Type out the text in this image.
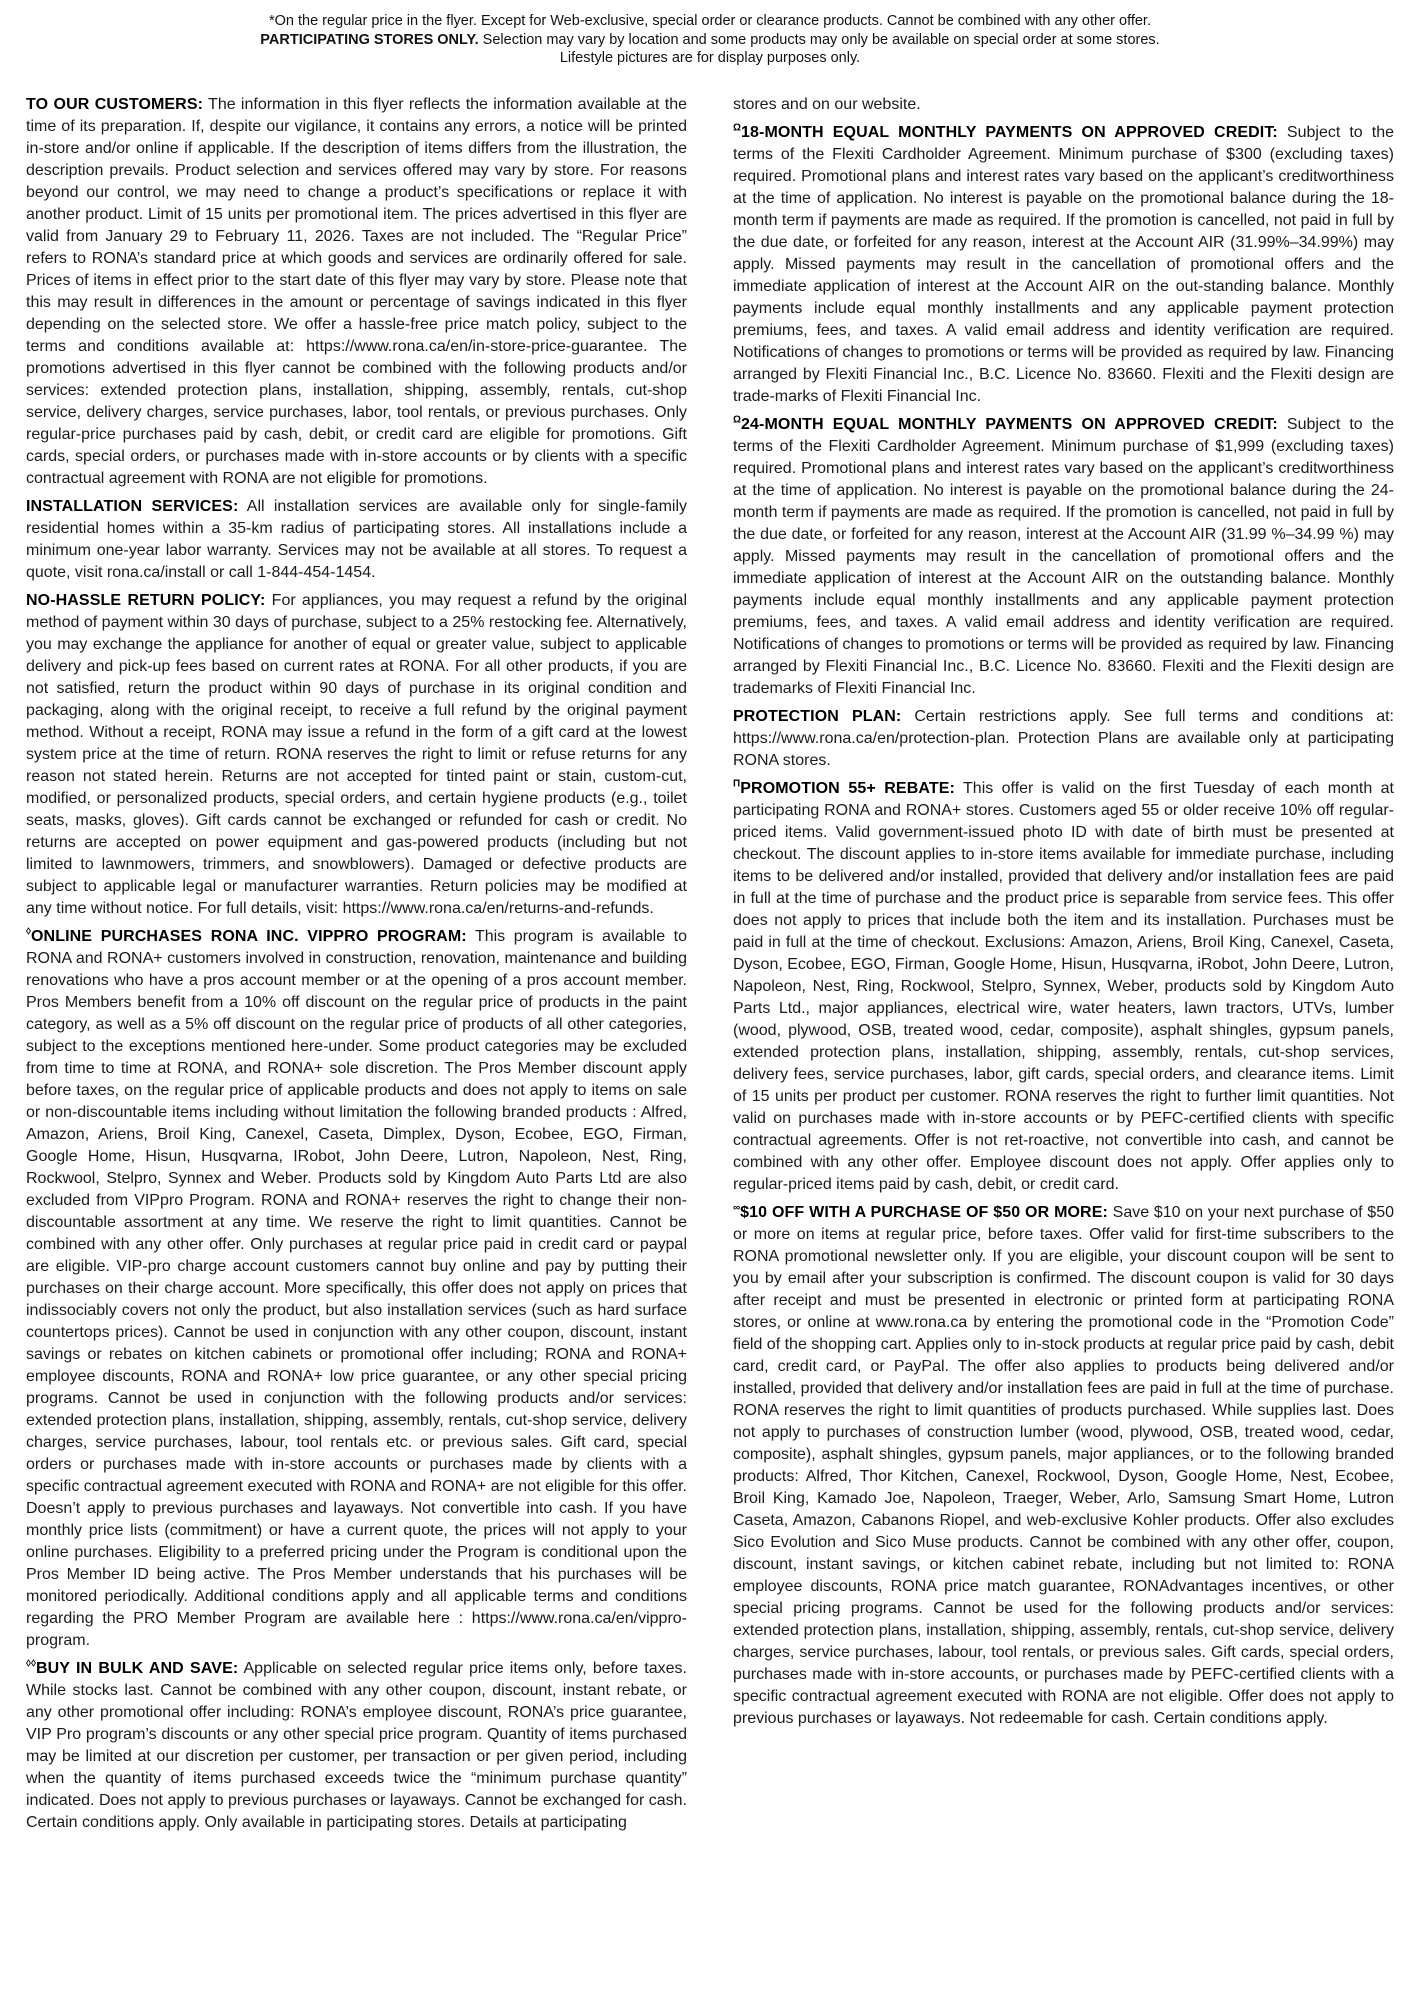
*On the regular price in the flyer. Except for Web-exclusive, special order or clearance products. Cannot be combined with any other offer.
PARTICIPATING STORES ONLY. Selection may vary by location and some products may only be available on special order at some stores.
Lifestyle pictures are for display purposes only.

TO OUR CUSTOMERS: The information in this flyer reflects the information available at the time of its preparation. If, despite our vigilance, it contains any errors, a notice will be printed in-store and/or online if applicable. If the description of items differs from the illustration, the description prevails. Product selection and services offered may vary by store. For reasons beyond our control, we may need to change a product’s specifications or replace it with another product. Limit of 15 units per promotional item. The prices advertised in this flyer are valid from January 29 to February 11, 2026. Taxes are not included. The “Regular Price” refers to RONA’s standard price at which goods and services are ordinarily offered for sale. Prices of items in effect prior to the start date of this flyer may vary by store. Please note that this may result in differences in the amount or percentage of savings indicated in this flyer depending on the selected store. We offer a hassle-free price match policy, subject to the terms and conditions available at: https://www.rona.ca/en/in-store-price-guarantee. The promotions advertised in this flyer cannot be combined with the following products and/or services: extended protection plans, installation, shipping, assembly, rentals, cut-shop service, delivery charges, service purchases, labor, tool rentals, or previous purchases. Only regular-price purchases paid by cash, debit, or credit card are eligible for promotions. Gift cards, special orders, or purchases made with in-store accounts or by clients with a specific contractual agreement with RONA are not eligible for promotions.

INSTALLATION SERVICES: All installation services are available only for single-family residential homes within a 35-km radius of participating stores. All installations include a minimum one-year labor warranty. Services may not be available at all stores. To request a quote, visit rona.ca/install or call 1-844-454-1454.

NO-HASSLE RETURN POLICY: For appliances, you may request a refund by the original method of payment within 30 days of purchase, subject to a 25% restocking fee. Alternatively, you may exchange the appliance for another of equal or greater value, subject to applicable delivery and pick-up fees based on current rates at RONA. For all other products, if you are not satisfied, return the product within 90 days of purchase in its original condition and packaging, along with the original receipt, to receive a full refund by the original payment method. Without a receipt, RONA may issue a refund in the form of a gift card at the lowest system price at the time of return. RONA reserves the right to limit or refuse returns for any reason not stated herein. Returns are not accepted for tinted paint or stain, custom-cut, modified, or personalized products, special orders, and certain hygiene products (e.g., toilet seats, masks, gloves). Gift cards cannot be exchanged or refunded for cash or credit. No returns are accepted on power equipment and gas-powered products (including but not limited to lawnmowers, trimmers, and snowblowers). Damaged or defective products are subject to applicable legal or manufacturer warranties. Return policies may be modified at any time without notice. For full details, visit: https://www.rona.ca/en/returns-and-refunds.

◊ONLINE PURCHASES RONA INC. VIPPRO PROGRAM: This program is available to RONA and RONA+ customers involved in construction, renovation, maintenance and building renovations who have a pros account member or at the opening of a pros account member. Pros Members benefit from a 10% off discount on the regular price of products in the paint category, as well as a 5% off discount on the regular price of products of all other categories, subject to the exceptions mentioned here-under. Some product categories may be excluded from time to time at RONA, and RONA+ sole discretion. The Pros Member discount apply before taxes, on the regular price of applicable products and does not apply to items on sale or non-discountable items including without limitation the following branded products : Alfred, Amazon, Ariens, Broil King, Canexel, Caseta, Dimplex, Dyson, Ecobee, EGO, Firman, Google Home, Hisun, Husqvarna, IRobot, John Deere, Lutron, Napoleon, Nest, Ring, Rockwool, Stelpro, Synnex and Weber. Products sold by Kingdom Auto Parts Ltd are also excluded from VIPpro Program. RONA and RONA+ reserves the right to change their non-discountable assortment at any time. We reserve the right to limit quantities. Cannot be combined with any other offer. Only purchases at regular price paid in credit card or paypal are eligible. VIP-pro charge account customers cannot buy online and pay by putting their purchases on their charge account. More specifically, this offer does not apply on prices that indissociably covers not only the product, but also installation services (such as hard surface countertops prices). Cannot be used in conjunction with any other coupon, discount, instant savings or rebates on kitchen cabinets or promotional offer including; RONA and RONA+ employee discounts, RONA and RONA+ low price guarantee, or any other special pricing programs. Cannot be used in conjunction with the following products and/or services: extended protection plans, installation, shipping, assembly, rentals, cut-shop service, delivery charges, service purchases, labour, tool rentals etc. or previous sales. Gift card, special orders or purchases made with in-store accounts or purchases made by clients with a specific contractual agreement executed with RONA and RONA+ are not eligible for this offer. Doesn’t apply to previous purchases and layaways. Not convertible into cash. If you have monthly price lists (commitment) or have a current quote, the prices will not apply to your online purchases. Eligibility to a preferred pricing under the Program is conditional upon the Pros Member ID being active. The Pros Member understands that his purchases will be monitored periodically. Additional conditions apply and all applicable terms and conditions regarding the PRO Member Program are available here : https://www.rona.ca/en/vippro-program.

◊◊BUY IN BULK AND SAVE: Applicable on selected regular price items only, before taxes. While stocks last. Cannot be combined with any other coupon, discount, instant rebate, or any other promotional offer including: RONA’s employee discount, RONA’s price guarantee, VIP Pro program’s discounts or any other special price program. Quantity of items purchased may be limited at our discretion per customer, per transaction or per given period, including when the quantity of items purchased exceeds twice the “minimum purchase quantity” indicated. Does not apply to previous purchases or layaways. Cannot be exchanged for cash. Certain conditions apply. Only available in participating stores. Details at participating

stores and on our website.

$^\Omega$18-MONTH EQUAL MONTHLY PAYMENTS ON APPROVED CREDIT: Subject to the terms of the Flexiti Cardholder Agreement. Minimum purchase of $300 (excluding taxes) required. Promotional plans and interest rates vary based on the applicant’s creditworthiness at the time of application. No interest is payable on the promotional balance during the 18-month term if payments are made as required. If the promotion is cancelled, not paid in full by the due date, or forfeited for any reason, interest at the Account AIR (31.99%–34.99%) may apply. Missed payments may result in the cancellation of promotional offers and the immediate application of interest at the Account AIR on the out-standing balance. Monthly payments include equal monthly installments and any applicable payment protection premiums, fees, and taxes. A valid email address and identity verification are required. Notifications of changes to promotions or terms will be provided as required by law. Financing arranged by Flexiti Financial Inc., B.C. Licence No. 83660. Flexiti and the Flexiti design are trade-marks of Flexiti Financial Inc.

$^\Omega$24-MONTH EQUAL MONTHLY PAYMENTS ON APPROVED CREDIT: Subject to the terms of the Flexiti Cardholder Agreement. Minimum purchase of $1,999 (excluding taxes) required. Promotional plans and interest rates vary based on the applicant’s creditworthiness at the time of application. No interest is payable on the promotional balance during the 24-month term if payments are made as required. If the promotion is cancelled, not paid in full by the due date, or forfeited for any reason, interest at the Account AIR (31.99 %–34.99 %) may apply. Missed payments may result in the cancellation of promotional offers and the immediate application of interest at the Account AIR on the outstanding balance. Monthly payments include equal monthly installments and any applicable payment protection premiums, fees, and taxes. A valid email address and identity verification are required. Notifications of changes to promotions or terms will be provided as required by law. Financing arranged by Flexiti Financial Inc., B.C. Licence No. 83660. Flexiti and the Flexiti design are trademarks of Flexiti Financial Inc.

PROTECTION PLAN: Certain restrictions apply. See full terms and conditions at: https://www.rona.ca/en/protection-plan. Protection Plans are available only at participating RONA stores.

$^\Pi$PROMOTION 55+ REBATE: This offer is valid on the first Tuesday of each month at participating RONA and RONA+ stores. Customers aged 55 or older receive 10% off regular-priced items. Valid government-issued photo ID with date of birth must be presented at checkout. The discount applies to in-store items available for immediate purchase, including items to be delivered and/or installed, provided that delivery and/or installation fees are paid in full at the time of purchase and the product price is separable from service fees. This offer does not apply to prices that include both the item and its installation. Purchases must be paid in full at the time of checkout. Exclusions: Amazon, Ariens, Broil King, Canexel, Caseta, Dyson, Ecobee, EGO, Firman, Google Home, Hisun, Husqvarna, iRobot, John Deere, Lutron, Napoleon, Nest, Ring, Rockwool, Stelpro, Synnex, Weber, products sold by Kingdom Auto Parts Ltd., major appliances, electrical wire, water heaters, lawn tractors, UTVs, lumber (wood, plywood, OSB, treated wood, cedar, composite), asphalt shingles, gypsum panels, extended protection plans, installation, shipping, assembly, rentals, cut-shop services, delivery fees, service purchases, labor, gift cards, special orders, and clearance items. Limit of 15 units per product per customer. RONA reserves the right to further limit quantities. Not valid on purchases made with in-store accounts or by PEFC-certified clients with specific contractual agreements. Offer is not ret-roactive, not convertible into cash, and cannot be combined with any other offer. Employee discount does not apply. Offer applies only to regular-priced items paid by cash, debit, or credit card.

∞$10 OFF WITH A PURCHASE OF $50 OR MORE: Save $10 on your next purchase of $50 or more on items at regular price, before taxes. Offer valid for first-time subscribers to the RONA promotional newsletter only. If you are eligible, your discount coupon will be sent to you by email after your subscription is confirmed. The discount coupon is valid for 30 days after receipt and must be presented in electronic or printed form at participating RONA stores, or online at www.rona.ca by entering the promotional code in the “Promotion Code” field of the shopping cart. Applies only to in-stock products at regular price paid by cash, debit card, credit card, or PayPal. The offer also applies to products being delivered and/or installed, provided that delivery and/or installation fees are paid in full at the time of purchase. RONA reserves the right to limit quantities of products purchased. While supplies last. Does not apply to purchases of construction lumber (wood, plywood, OSB, treated wood, cedar, composite), asphalt shingles, gypsum panels, major appliances, or to the following branded products: Alfred, Thor Kitchen, Canexel, Rockwool, Dyson, Google Home, Nest, Ecobee, Broil King, Kamado Joe, Napoleon, Traeger, Weber, Arlo, Samsung Smart Home, Lutron Caseta, Amazon, Cabanons Riopel, and web-exclusive Kohler products. Offer also excludes Sico Evolution and Sico Muse products. Cannot be combined with any other offer, coupon, discount, instant savings, or kitchen cabinet rebate, including but not limited to: RONA employee discounts, RONA price match guarantee, RONAdvantages incentives, or other special pricing programs. Cannot be used for the following products and/or services: extended protection plans, installation, shipping, assembly, rentals, cut-shop service, delivery charges, service purchases, labour, tool rentals, or previous sales. Gift cards, special orders, purchases made with in-store accounts, or purchases made by PEFC-certified clients with a specific contractual agreement executed with RONA are not eligible. Offer does not apply to previous purchases or layaways. Not redeemable for cash. Certain conditions apply.
